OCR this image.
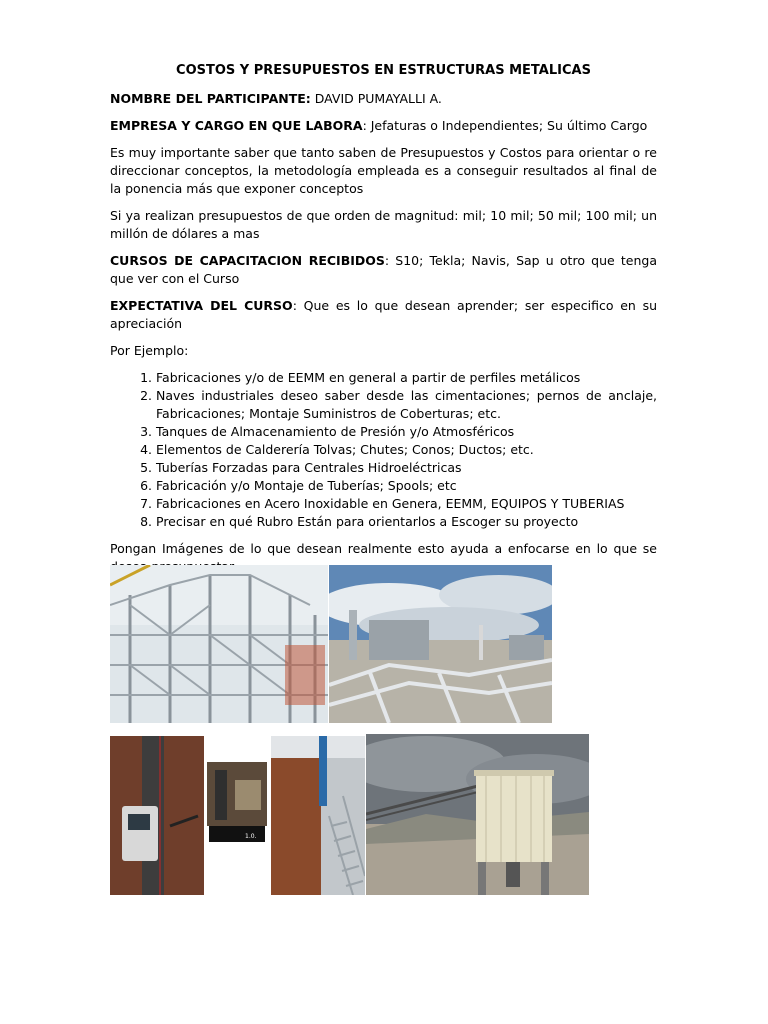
COSTOS Y PRESUPUESTOS EN ESTRUCTURAS METALICAS

NOMBRE DEL PARTICIPANTE: DAVID PUMAYALLI A.

EMPRESA Y CARGO EN QUE LABORA: Jefaturas o Independientes; Su último Cargo

Es muy importante saber que tanto saben de Presupuestos y Costos para orientar o re direccionar conceptos, la metodología empleada es a conseguir resultados al final de la ponencia más que exponer conceptos

Si ya realizan presupuestos de que orden de magnitud: mil; 10 mil; 50 mil; 100 mil; un millón de dólares a mas

CURSOS DE CAPACITACION RECIBIDOS: S10; Tekla; Navis, Sap u otro que tenga que ver con el Curso

EXPECTATIVA DEL CURSO: Que es lo que desean aprender; ser especifico en su apreciación

Por Ejemplo:

1. Fabricaciones y/o de EEMM en general a partir de perfiles metálicos
2. Naves industriales deseo saber desde las cimentaciones; pernos de anclaje, Fabricaciones; Montaje Suministros de Coberturas; etc.
3. Tanques de Almacenamiento de Presión y/o Atmosféricos
4. Elementos de Calderería Tolvas; Chutes; Conos; Ductos; etc.
5. Tuberías Forzadas para Centrales Hidroeléctricas
6. Fabricación y/o Montaje de Tuberías; Spools; etc
7. Fabricaciones en Acero Inoxidable en Genera, EEMM, EQUIPOS Y TUBERIAS
8. Precisar en qué Rubro Están para orientarlos a Escoger su proyecto

Pongan Imágenes de lo que desean realmente esto ayuda a enfocarse en lo que se

1.0.
